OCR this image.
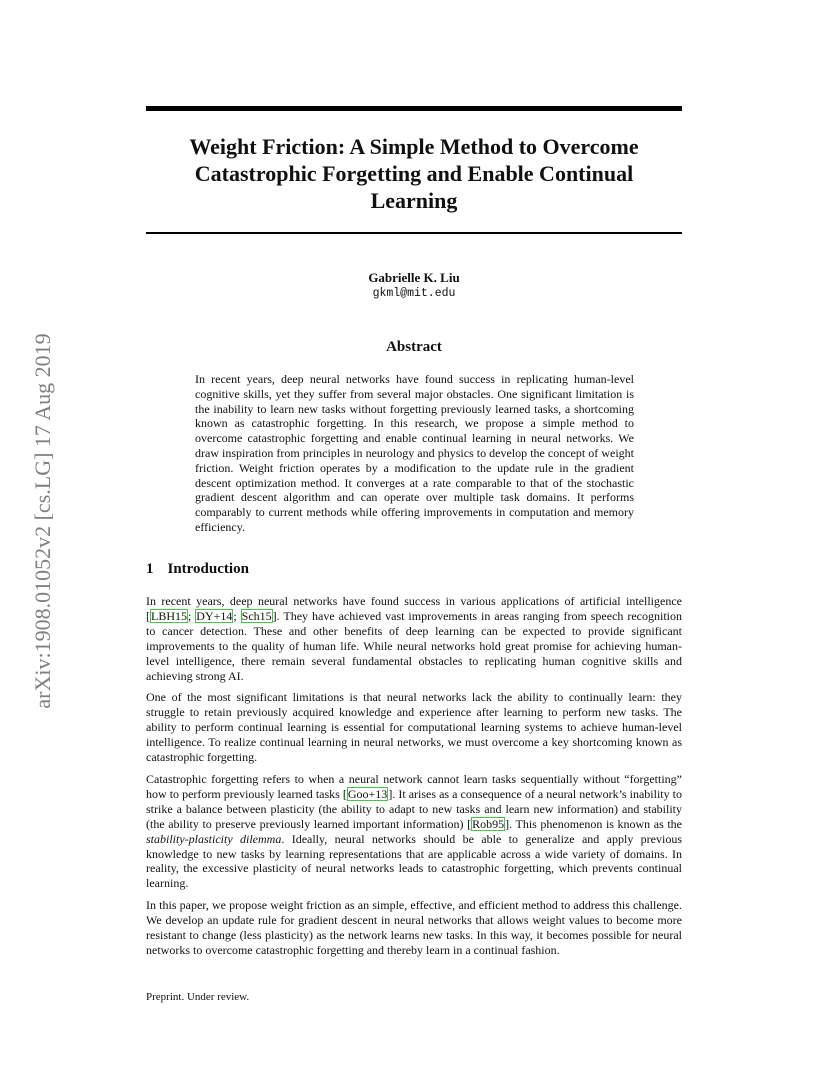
arXiv:1908.01052v2 [cs.LG] 17 Aug 2019
Weight Friction: A Simple Method to Overcome
Catastrophic Forgetting and Enable Continual
Learning
Gabrielle K. Liu
gkml@mit.edu
Abstract
In recent years, deep neural networks have found success in replicating human-level cognitive skills, yet they suffer from several major obstacles. One significant limitation is the inability to learn new tasks without forgetting previously learned tasks, a shortcoming known as catastrophic forgetting. In this research, we propose a simple method to overcome catastrophic forgetting and enable continual learning in neural networks. We draw inspiration from principles in neurology and physics to develop the concept of weight friction. Weight friction operates by a modification to the update rule in the gradient descent optimization method. It converges at a rate comparable to that of the stochastic gradient descent algorithm and can operate over multiple task domains. It performs comparably to current methods while offering improvements in computation and memory efficiency.
1 Introduction

In recent years, deep neural networks have found success in various applications of artificial intelligence [LBH15; DY+14; Sch15]. They have achieved vast improvements in areas ranging from speech recognition to cancer detection. These and other benefits of deep learning can be expected to provide significant improvements to the quality of human life. While neural networks hold great promise for achieving human-level intelligence, there remain several fundamental obstacles to replicating human cognitive skills and achieving strong AI.

One of the most significant limitations is that neural networks lack the ability to continually learn: they struggle to retain previously acquired knowledge and experience after learning to perform new tasks. The ability to perform continual learning is essential for computational learning systems to achieve human-level intelligence. To realize continual learning in neural networks, we must overcome a key shortcoming known as catastrophic forgetting.

Catastrophic forgetting refers to when a neural network cannot learn tasks sequentially without “forgetting” how to perform previously learned tasks [Goo+13]. It arises as a consequence of a neural network’s inability to strike a balance between plasticity (the ability to adapt to new tasks and learn new information) and stability (the ability to preserve previously learned important information) [Rob95]. This phenomenon is known as the stability-plasticity dilemma. Ideally, neural networks should be able to generalize and apply previous knowledge to new tasks by learning representations that are applicable across a wide variety of domains. In reality, the excessive plasticity of neural networks leads to catastrophic forgetting, which prevents continual learning.

In this paper, we propose weight friction as an simple, effective, and efficient method to address this challenge. We develop an update rule for gradient descent in neural networks that allows weight values to become more resistant to change (less plasticity) as the network learns new tasks. In this way, it becomes possible for neural networks to overcome catastrophic forgetting and thereby learn in a continual fashion.

Preprint. Under review.
